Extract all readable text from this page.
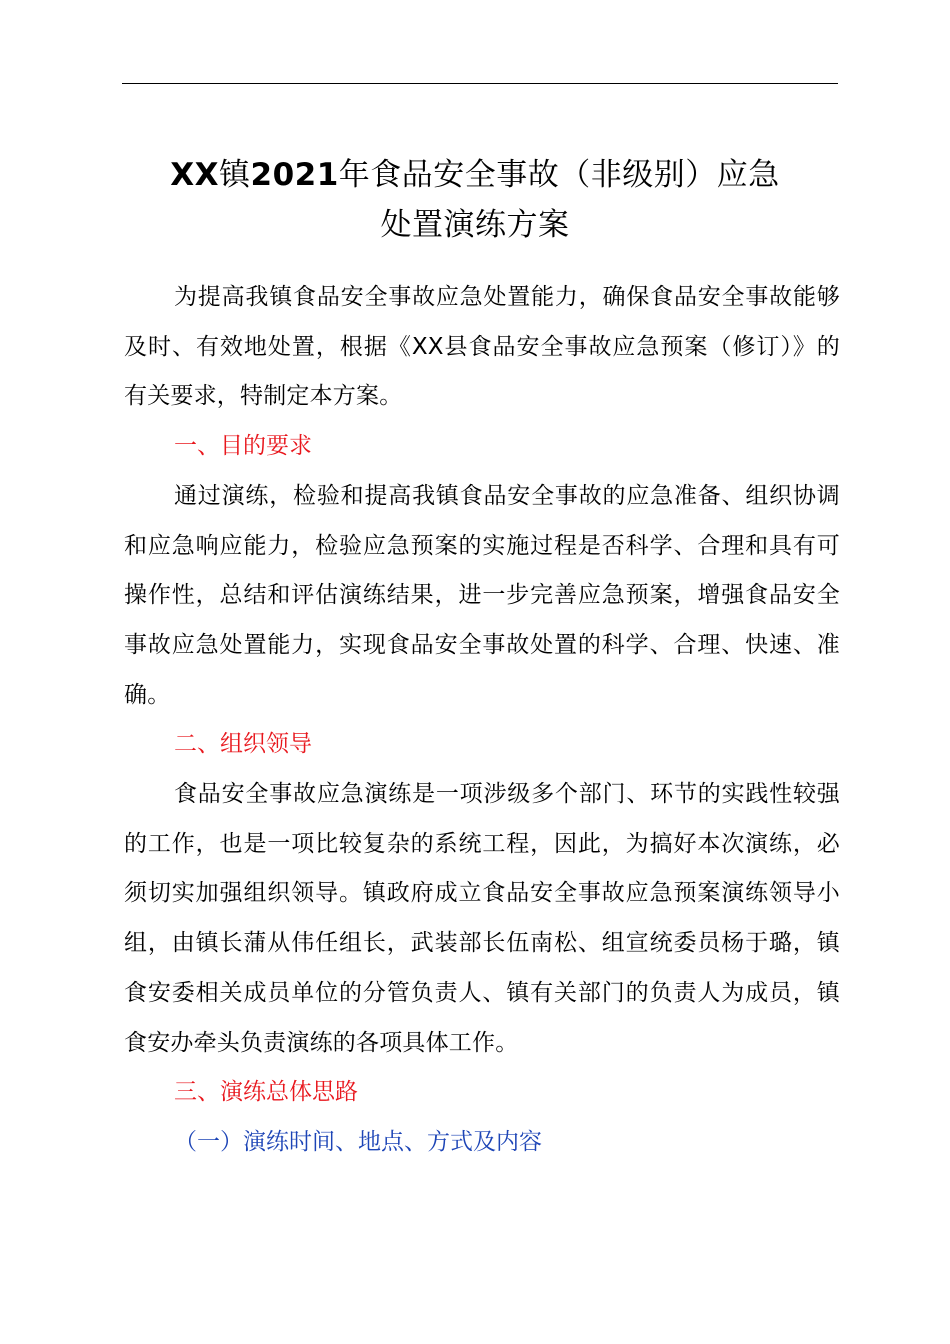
XX镇2021年食品安全事故（非级别）应急
处置演练方案

为提高我镇食品安全事故应急处置能力，确保食品安全事故能够及时、有效地处置，根据《XX县食品安全事故应急预案（修订）》的有关要求，特制定本方案。

一、目的要求

通过演练，检验和提高我镇食品安全事故的应急准备、组织协调和应急响应能力，检验应急预案的实施过程是否科学、合理和具有可操作性，总结和评估演练结果，进一步完善应急预案，增强食品安全事故应急处置能力，实现食品安全事故处置的科学、合理、快速、准确。

二、组织领导

食品安全事故应急演练是一项涉级多个部门、环节的实践性较强的工作，也是一项比较复杂的系统工程，因此，为搞好本次演练，必须切实加强组织领导。镇政府成立食品安全事故应急预案演练领导小组，由镇长蒲从伟任组长，武装部长伍南松、组宣统委员杨于璐，镇食安委相关成员单位的分管负责人、镇有关部门的负责人为成员，镇食安办牵头负责演练的各项具体工作。

三、演练总体思路

（一）演练时间、地点、方式及内容
